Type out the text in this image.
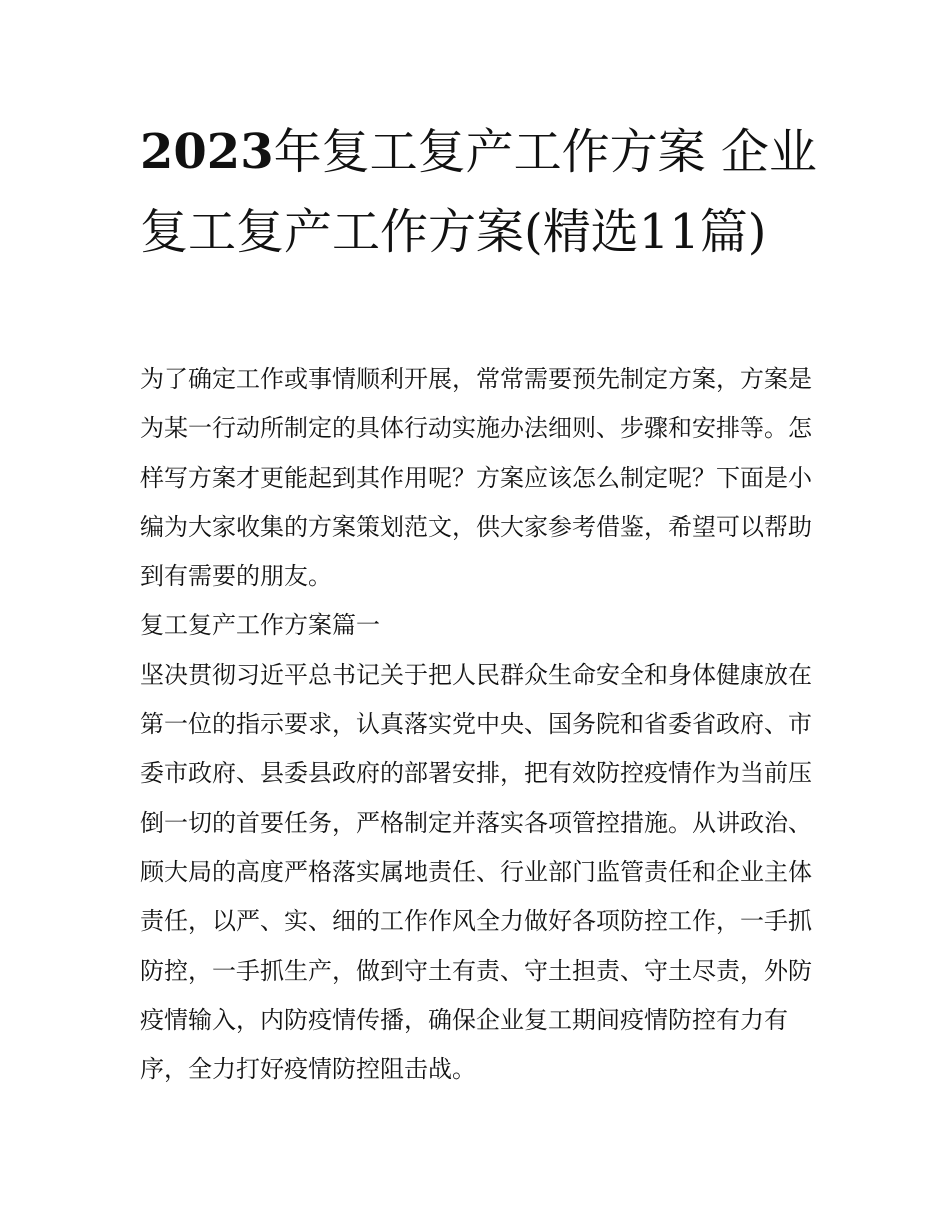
2023年复工复产工作方案 企业复工复产工作方案(精选11篇)

为了确定工作或事情顺利开展，常常需要预先制定方案，方案是为某一行动所制定的具体行动实施办法细则、步骤和安排等。怎样写方案才更能起到其作用呢？方案应该怎么制定呢？下面是小编为大家收集的方案策划范文，供大家参考借鉴，希望可以帮助到有需要的朋友。

复工复产工作方案篇一

坚决贯彻习近平总书记关于把人民群众生命安全和身体健康放在第一位的指示要求，认真落实党中央、国务院和省委省政府、市委市政府、县委县政府的部署安排，把有效防控疫情作为当前压倒一切的首要任务，严格制定并落实各项管控措施。从讲政治、顾大局的高度严格落实属地责任、行业部门监管责任和企业主体责任，以严、实、细的工作作风全力做好各项防控工作，一手抓防控，一手抓生产，做到守土有责、守土担责、守土尽责，外防疫情输入，内防疫情传播，确保企业复工期间疫情防控有力有序，全力打好疫情防控阻击战。
